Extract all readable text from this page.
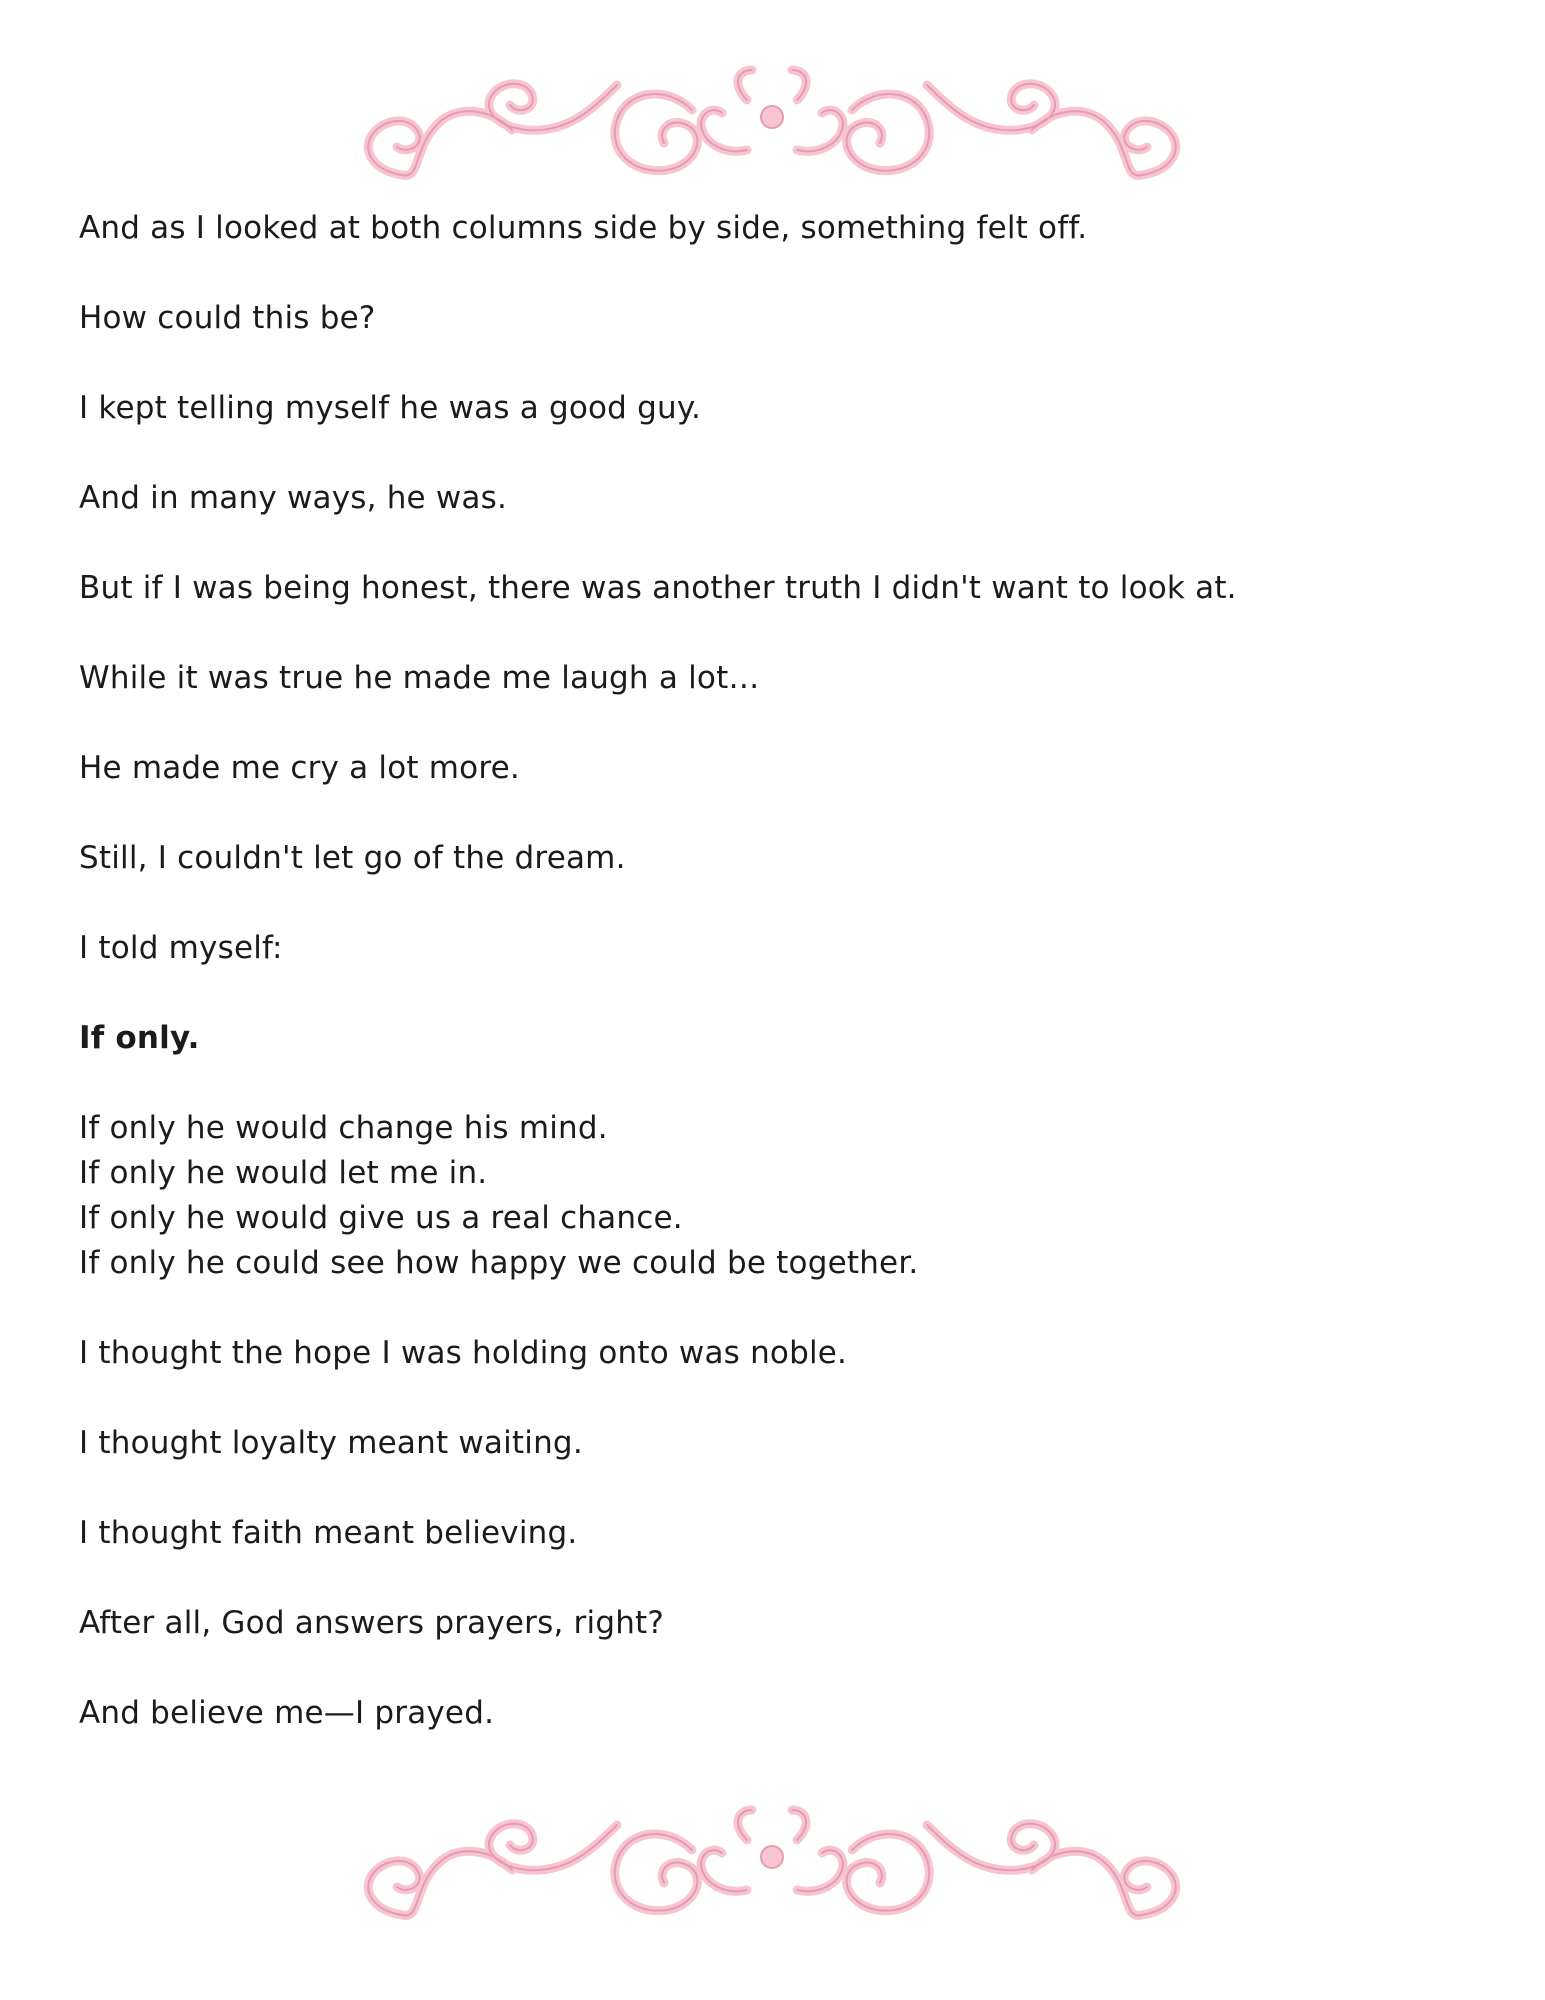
And as I looked at both columns side by side, something felt off.

How could this be?

I kept telling myself he was a good guy.

And in many ways, he was.

But if I was being honest, there was another truth I didn't want to look at.

While it was true he made me laugh a lot…

He made me cry a lot more.

Still, I couldn't let go of the dream.

I told myself:

If only.

If only he would change his mind.

If only he would let me in.

If only he would give us a real chance.

If only he could see how happy we could be together.

I thought the hope I was holding onto was noble.

I thought loyalty meant waiting.

I thought faith meant believing.

After all, God answers prayers, right?

And believe me—I prayed.
